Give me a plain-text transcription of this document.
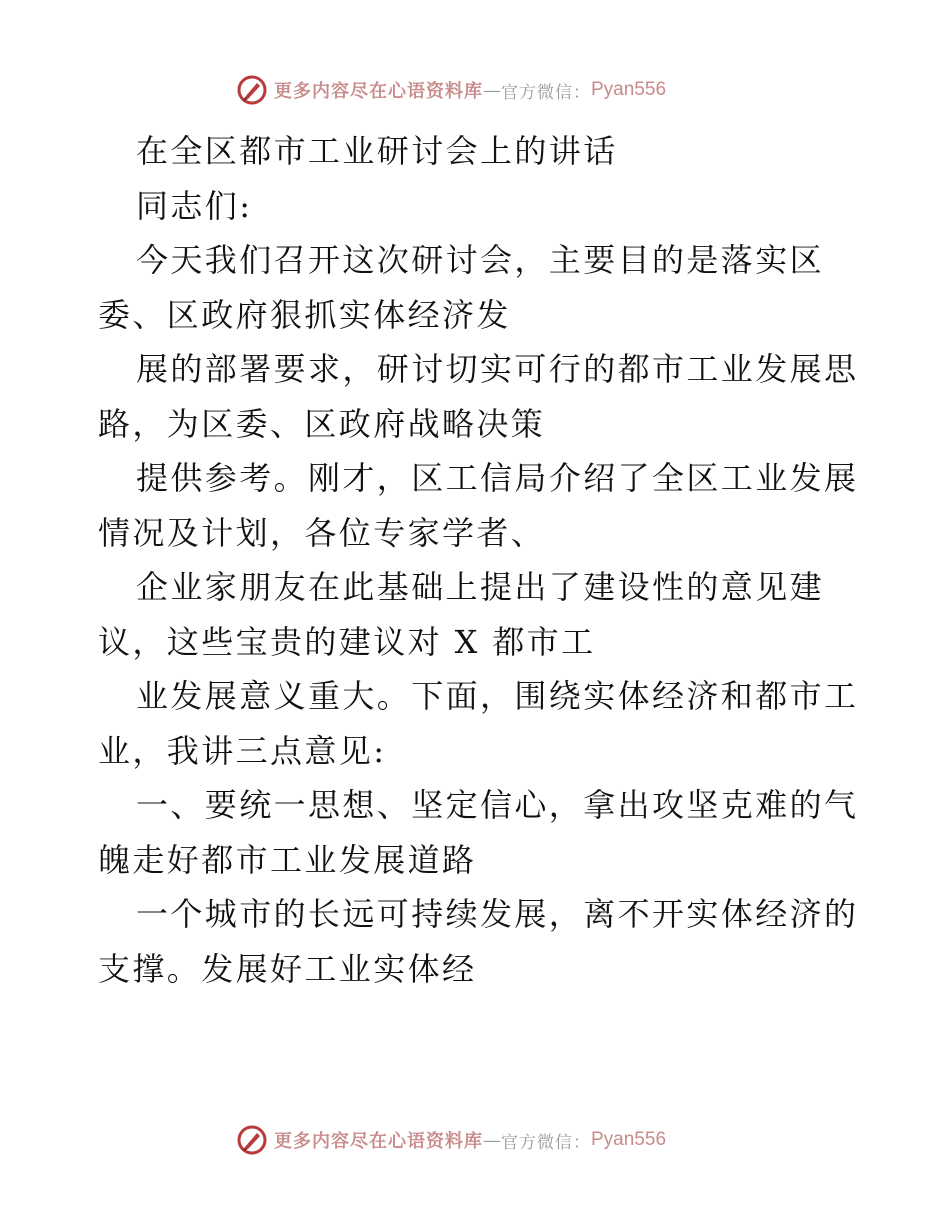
更多内容尽在心语资料库 — 官方微信： Pyan556

在全区都市工业研讨会上的讲话

同志们:

今天我们召开这次研讨会，主要目的是落实区

委、区政府狠抓实体经济发

展的部署要求，研讨切实可行的都市工业发展思

路，为区委、区政府战略决策

提供参考。刚才，区工信局介绍了全区工业发展

情况及计划，各位专家学者、

企业家朋友在此基础上提出了建设性的意见建

议，这些宝贵的建议对 X 都市工

业发展意义重大。下面，围绕实体经济和都市工

业，我讲三点意见:

一、要统一思想、坚定信心，拿出攻坚克难的气

魄走好都市工业发展道路

一个城市的长远可持续发展，离不开实体经济的

支撑。发展好工业实体经

更多内容尽在心语资料库 — 官方微信： Pyan556
